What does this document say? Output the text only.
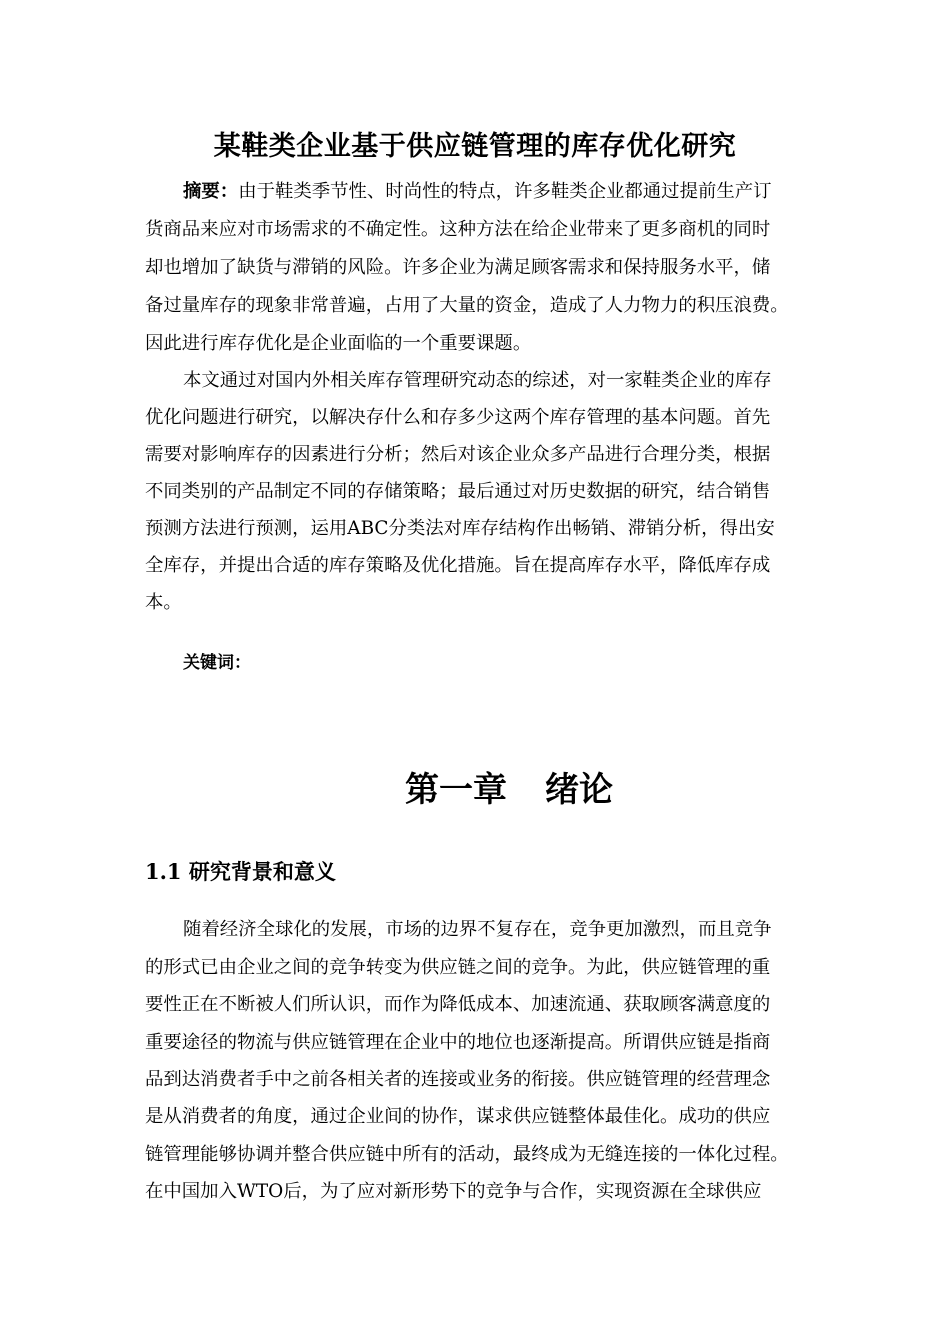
某鞋类企业基于供应链管理的库存优化研究
摘要：由于鞋类季节性、时尚性的特点，许多鞋类企业都通过提前生产订
货商品来应对市场需求的不确定性。这种方法在给企业带来了更多商机的同时
却也增加了缺货与滞销的风险。许多企业为满足顾客需求和保持服务水平，储
备过量库存的现象非常普遍，占用了大量的资金，造成了人力物力的积压浪费。
因此进行库存优化是企业面临的一个重要课题。
本文通过对国内外相关库存管理研究动态的综述，对一家鞋类企业的库存
优化问题进行研究，以解决存什么和存多少这两个库存管理的基本问题。首先
需要对影响库存的因素进行分析；然后对该企业众多产品进行合理分类，根据
不同类别的产品制定不同的存储策略；最后通过对历史数据的研究，结合销售
预测方法进行预测，运用ABC分类法对库存结构作出畅销、滞销分析，得出安
全库存，并提出合适的库存策略及优化措施。旨在提高库存水平，降低库存成
本。
关键词：
第一章 绪论
1.1 研究背景和意义
随着经济全球化的发展，市场的边界不复存在，竞争更加激烈，而且竞争
的形式已由企业之间的竞争转变为供应链之间的竞争。为此，供应链管理的重
要性正在不断被人们所认识，而作为降低成本、加速流通、获取顾客满意度的
重要途径的物流与供应链管理在企业中的地位也逐渐提高。所谓供应链是指商
品到达消费者手中之前各相关者的连接或业务的衔接。供应链管理的经营理念
是从消费者的角度，通过企业间的协作，谋求供应链整体最佳化。成功的供应
链管理能够协调并整合供应链中所有的活动，最终成为无缝连接的一体化过程。
在中国加入WTO后，为了应对新形势下的竞争与合作，实现资源在全球供应
